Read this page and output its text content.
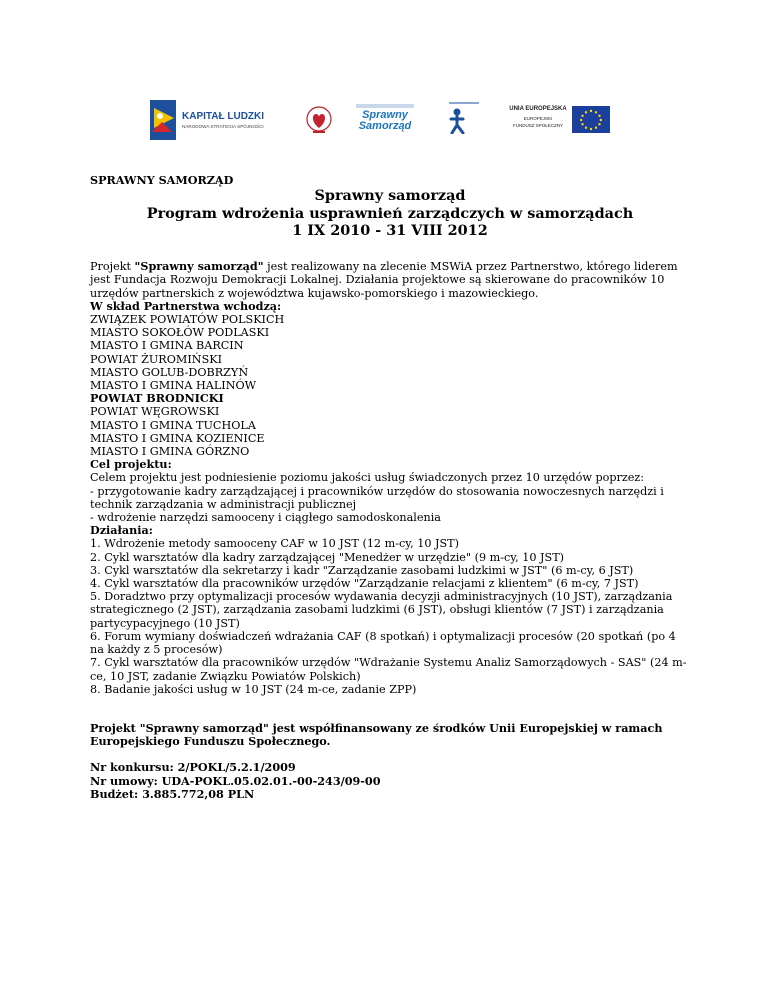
KAPITAŁ LUDZKI
NARODOWA STRATEGIA SPÓJNOŚCI
Sprawny Samorząd
UNIA EUROPEJSKA
EUROPEJSKI
FUNDUSZ SPOŁECZNY
SPRAWNY SAMORZĄD
Sprawny samorząd
Program wdrożenia usprawnień zarządczych w samorządach
1 IX 2010 - 31 VIII 2012

Projekt "Sprawny samorząd" jest realizowany na zlecenie MSWiA przez Partnerstwo, którego liderem jest Fundacja Rozwoju Demokracji Lokalnej. Działania projektowe są skierowane do pracowników 10 urzędów partnerskich z województwa kujawsko-pomorskiego i mazowieckiego.

W skład Partnerstwa wchodzą:
ZWIĄZEK POWIATÓW POLSKICH
MIASTO SOKOŁÓW PODLASKI
MIASTO I GMINA BARCIN
POWIAT ŻUROMIŃSKI
MIASTO GOLUB-DOBRZYŃ
MIASTO I GMINA HALINÓW
POWIAT BRODNICKI
POWIAT WĘGROWSKI
MIASTO I GMINA TUCHOLA
MIASTO I GMINA KOZIENICE
MIASTO I GMINA GÓRZNO
Cel projektu:
Celem projektu jest podniesienie poziomu jakości usług świadczonych przez 10 urzędów poprzez:
- przygotowanie kadry zarządzającej i pracowników urzędów do stosowania nowoczesnych narzędzi i technik zarządzania w administracji publicznej
- wdrożenie narzędzi samooceny i ciągłego samodoskonalenia
Działania:
1. Wdrożenie metody samooceny CAF w 10 JST (12 m-cy, 10 JST)
2. Cykl warsztatów dla kadry zarządzającej "Menedżer w urzędzie" (9 m-cy, 10 JST)
3. Cykl warsztatów dla sekretarzy i kadr "Zarządzanie zasobami ludzkimi w JST" (6 m-cy, 6 JST)
4. Cykl warsztatów dla pracowników urzędów "Zarządzanie relacjami z klientem" (6 m-cy, 7 JST)
5. Doradztwo przy optymalizacji procesów wydawania decyzji administracyjnych (10 JST), zarządzania strategicznego (2 JST), zarządzania zasobami ludzkimi (6 JST), obsługi klientów (7 JST) i zarządzania partycypacyjnego (10 JST)
6. Forum wymiany doświadczeń wdrażania CAF (8 spotkań) i optymalizacji procesów (20 spotkań (po 4 na każdy z 5 procesów)
7. Cykl warsztatów dla pracowników urzędów "Wdrażanie Systemu Analiz Samorządowych - SAS" (24 m-ce, 10 JST, zadanie Związku Powiatów Polskich)
8. Badanie jakości usług w 10 JST (24 m-ce, zadanie ZPP)

Projekt "Sprawny samorząd" jest współfinansowany ze środków Unii Europejskiej w ramach Europejskiego Funduszu Społecznego.

Nr konkursu: 2/POKL/5.2.1/2009
Nr umowy: UDA-POKL.05.02.01.-00-243/09-00
Budżet: 3.885.772,08 PLN
